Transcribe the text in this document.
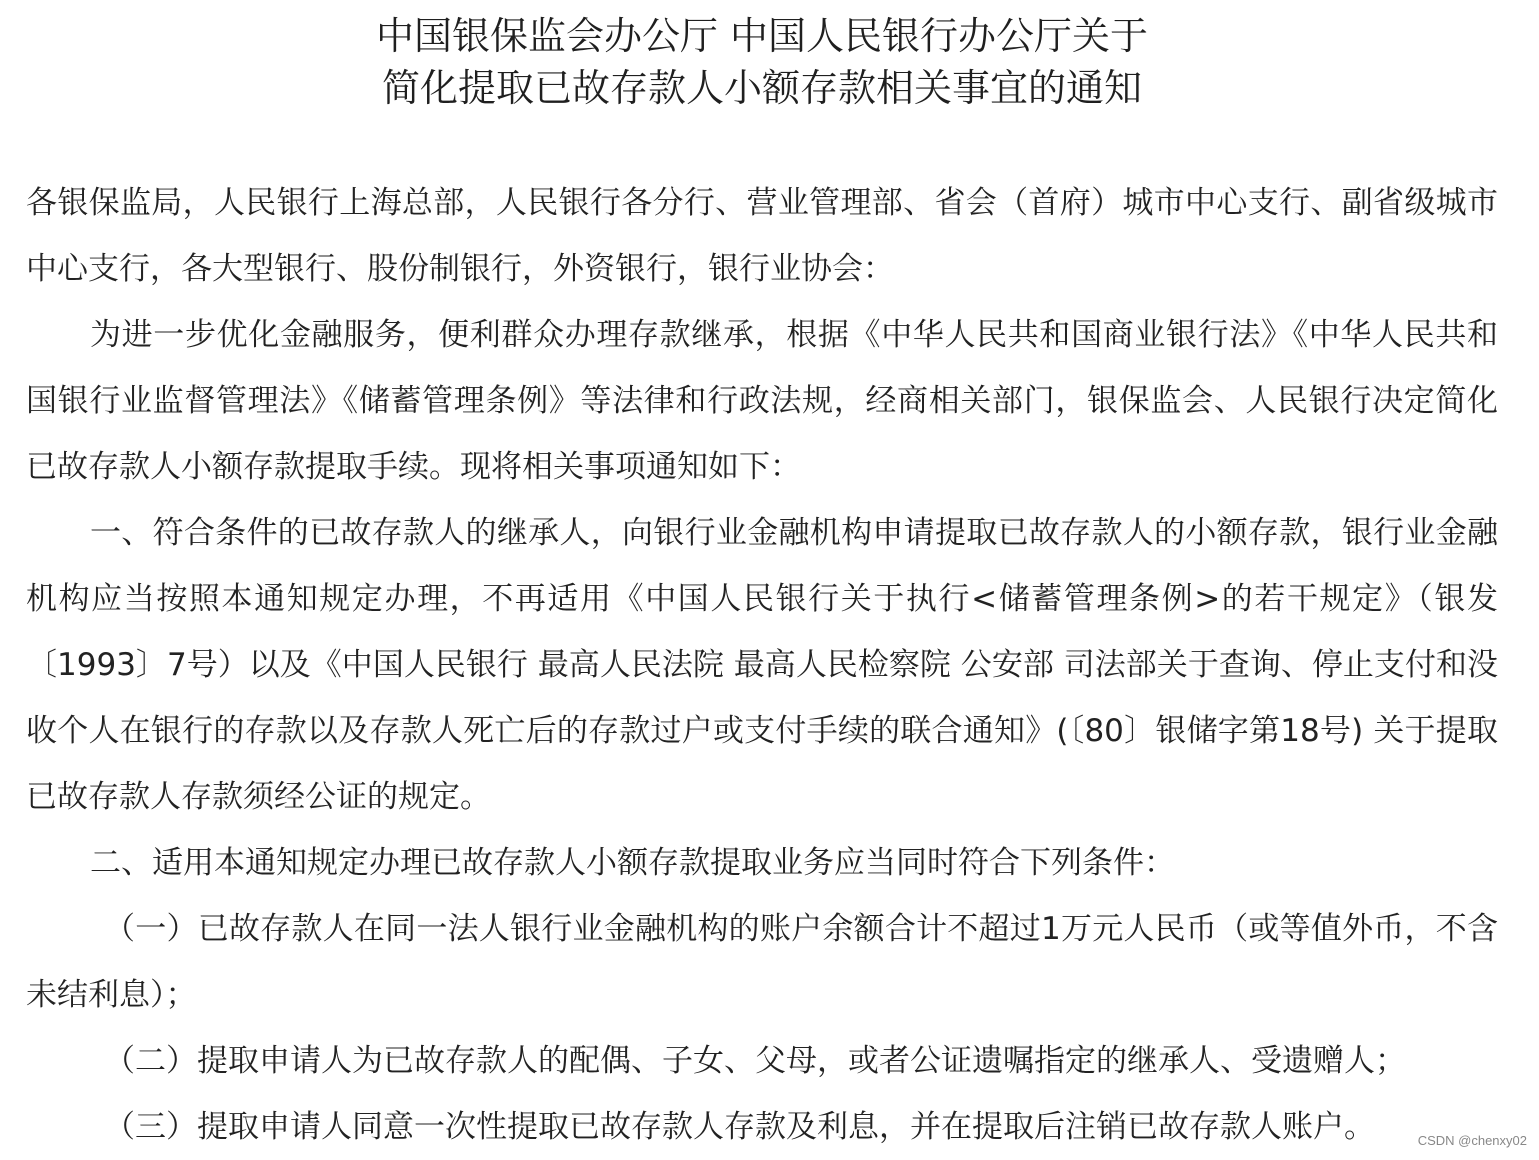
中国银保监会办公厅 中国人民银行办公厅关于
简化提取已故存款人小额存款相关事宜的通知

各银保监局，人民银行上海总部，人民银行各分行、营业管理部、省会（首府）城市中心支行、副省级城市中心支行，各大型银行、股份制银行，外资银行，银行业协会：

为进一步优化金融服务，便利群众办理存款继承，根据《中华人民共和国商业银行法》《中华人民共和国银行业监督管理法》《储蓄管理条例》等法律和行政法规，经商相关部门，银保监会、人民银行决定简化已故存款人小额存款提取手续。现将相关事项通知如下：

一、符合条件的已故存款人的继承人，向银行业金融机构申请提取已故存款人的小额存款，银行业金融机构应当按照本通知规定办理，不再适用《中国人民银行关于执行<储蓄管理条例>的若干规定》（银发〔1993〕7号）以及《中国人民银行 最高人民法院 最高人民检察院 公安部 司法部关于查询、停止支付和没收个人在银行的存款以及存款人死亡后的存款过户或支付手续的联合通知》(〔80〕银储字第18号) 关于提取已故存款人存款须经公证的规定。

二、适用本通知规定办理已故存款人小额存款提取业务应当同时符合下列条件：

（一）已故存款人在同一法人银行业金融机构的账户余额合计不超过1万元人民币（或等值外币，不含未结利息）；

（二）提取申请人为已故存款人的配偶、子女、父母，或者公证遗嘱指定的继承人、受遗赠人；

（三）提取申请人同意一次性提取已故存款人存款及利息，并在提取后注销已故存款人账户。	CSDN @chenxy02
